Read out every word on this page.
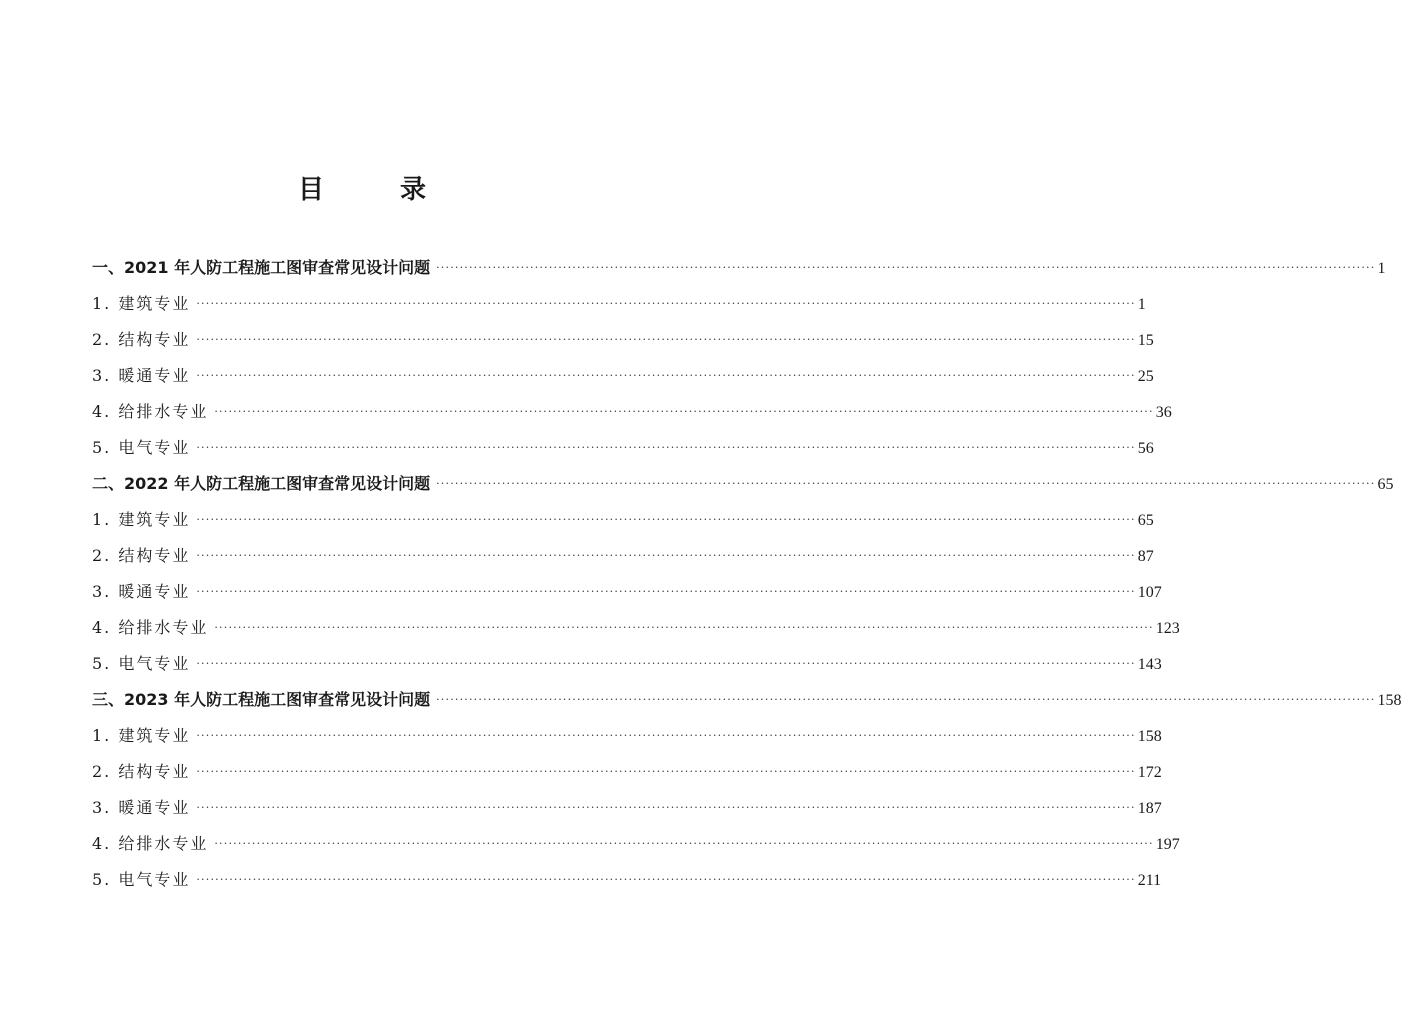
目	录
一、2021 年人防工程施工图审查常见设计问题 ········································································································································································································ 1
1. 建筑专业 ········································································································································································································ 1
2. 结构专业 ········································································································································································································ 15
3. 暖通专业 ········································································································································································································ 25
4. 给排水专业 ········································································································································································································ 36
5. 电气专业 ········································································································································································································ 56
二、2022 年人防工程施工图审查常见设计问题 ········································································································································································································ 65
1. 建筑专业 ········································································································································································································ 65
2. 结构专业 ········································································································································································································ 87
3. 暖通专业 ········································································································································································································ 107
4. 给排水专业 ········································································································································································································ 123
5. 电气专业 ········································································································································································································ 143
三、2023 年人防工程施工图审查常见设计问题 ········································································································································································································ 158
1. 建筑专业 ········································································································································································································ 158
2. 结构专业 ········································································································································································································ 172
3. 暖通专业 ········································································································································································································ 187
4. 给排水专业 ········································································································································································································ 197
5. 电气专业 ········································································································································································································ 211
